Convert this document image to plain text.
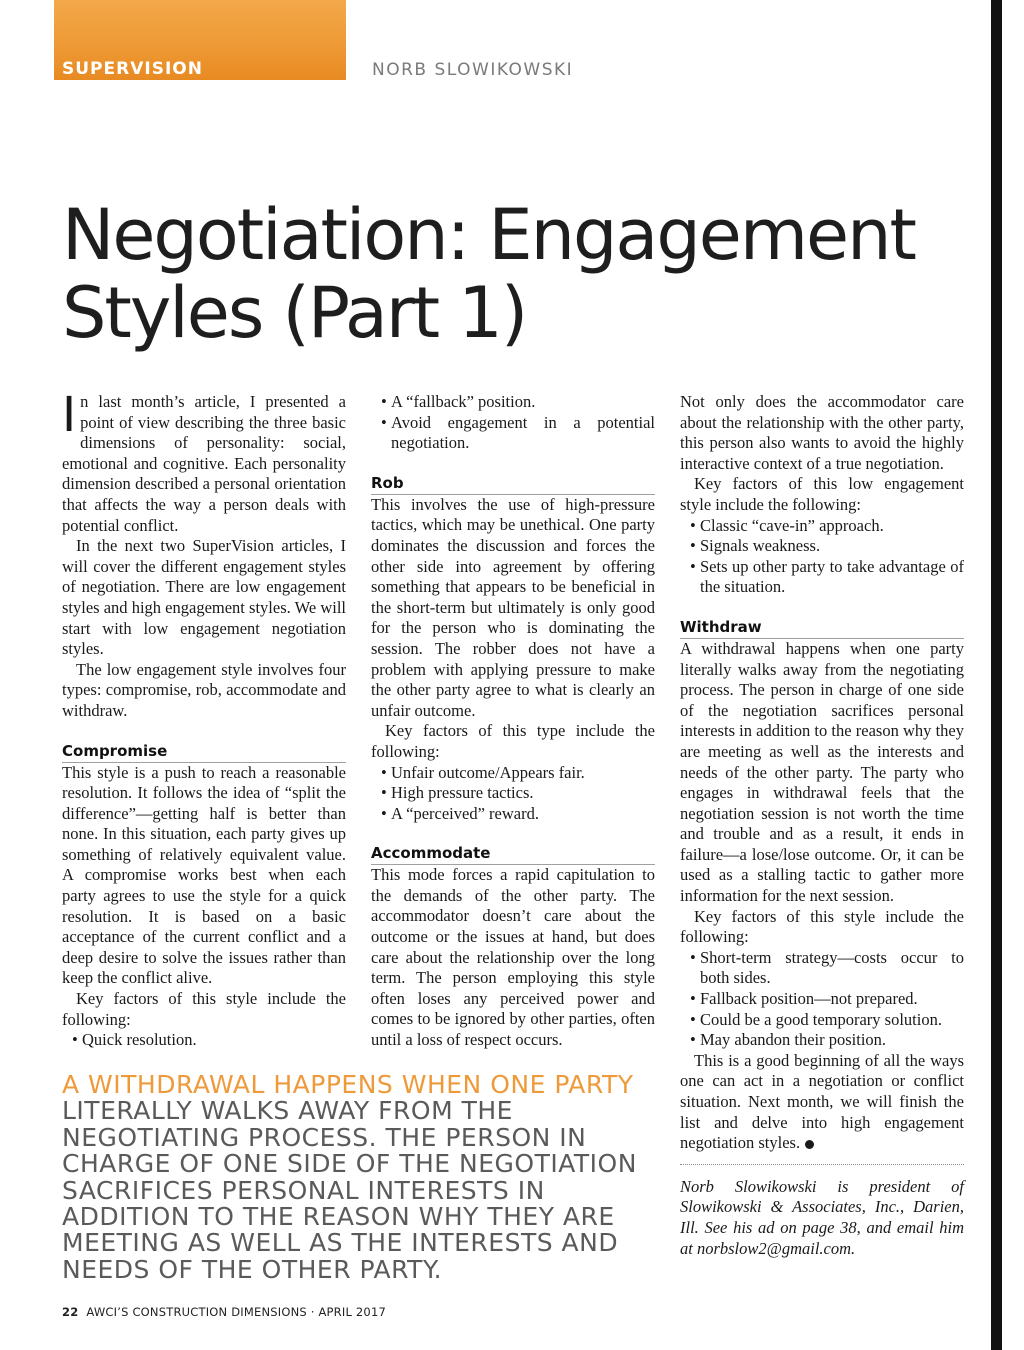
SUPERVISION	NORB SLOWIKOWSKI

Negotiation: Engagement
Styles (Part 1)

In last month’s article, I presented a point of view describing the three basic dimensions of personality: social, emotional and cognitive. Each personality dimension described a personal orientation that affects the way a person deals with potential conflict.

In the next two SuperVision articles, I will cover the different engagement styles of negotiation. There are low engagement styles and high engagement styles. We will start with low engagement negotiation styles.

The low engagement style involves four types: compromise, rob, accommodate and withdraw.

Compromise

This style is a push to reach a reasonable resolution. It follows the idea of “split the difference”—getting half is better than none. In this situation, each party gives up something of relatively equivalent value. A compromise works best when each party agrees to use the style for a quick resolution. It is based on a basic acceptance of the current conflict and a deep desire to solve the issues rather than keep the conflict alive.

Key factors of this style include the following:

• Quick resolution.
• A “fallback” position.
• Avoid engagement in a potential negotiation.
Rob

This involves the use of high-pressure tactics, which may be unethical. One party dominates the discussion and forces the other side into agreement by offering something that appears to be beneficial in the short-term but ultimately is only good for the person who is dominating the session. The robber does not have a problem with applying pressure to make the other party agree to what is clearly an unfair outcome.

Key factors of this type include the following:

• Unfair outcome/Appears fair.
• High pressure tactics.
• A “perceived” reward.
Accommodate

This mode forces a rapid capitulation to the demands of the other party. The accommodator doesn’t care about the outcome or the issues at hand, but does care about the relationship over the long term. The person employing this style often loses any perceived power and comes to be ignored by other parties, often until a loss of respect occurs.

Not only does the accommodator care about the relationship with the other party, this person also wants to avoid the highly interactive context of a true negotiation.

Key factors of this low engagement style include the following:

• Classic “cave-in” approach.
• Signals weakness.
• Sets up other party to take advantage of the situation.
Withdraw

A withdrawal happens when one party literally walks away from the negotiating process. The person in charge of one side of the negotiation sacrifices personal interests in addition to the reason why they are meeting as well as the interests and needs of the other party. The party who engages in withdrawal feels that the negotiation session is not worth the time and trouble and as a result, it ends in failure—a lose/lose outcome. Or, it can be used as a stalling tactic to gather more information for the next session.

Key factors of this style include the following:

• Short-term strategy—costs occur to both sides.
• Fallback position—not prepared.
• Could be a good temporary solution.
• May abandon their position.

This is a good beginning of all the ways one can act in a negotiation or conflict situation. Next month, we will finish the list and delve into high engagement negotiation styles.

Norb Slowikowski is president of Slowikowski & Associates, Inc., Darien, Ill. See his ad on page 38, and email him at norbslow2@gmail.com.

A WITHDRAWAL HAPPENS WHEN ONE PARTY LITERALLY WALKS AWAY FROM THE NEGOTIATING PROCESS. THE PERSON IN CHARGE OF ONE SIDE OF THE NEGOTIATION SACRIFICES PERSONAL INTERESTS IN ADDITION TO THE REASON WHY THEY ARE MEETING AS WELL AS THE INTERESTS AND NEEDS OF THE OTHER PARTY.

22 AWCI’S CONSTRUCTION DIMENSIONS · APRIL 2017
